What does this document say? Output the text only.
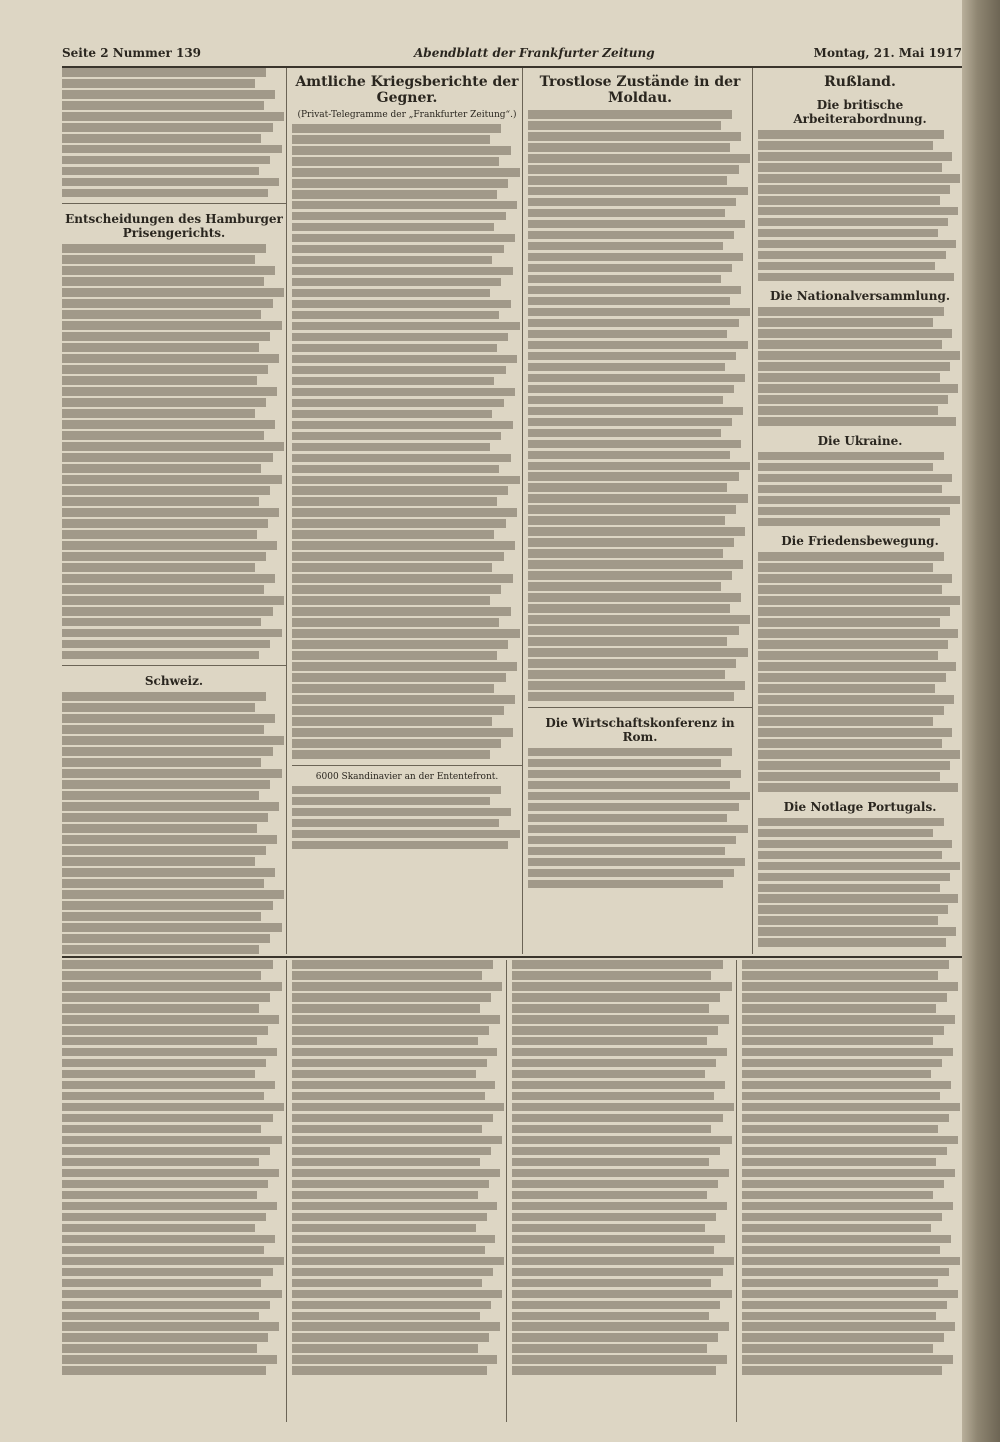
Seite 2 Nummer 139	Abendblatt der Frankfurter Zeitung	Montag, 21. Mai 1917
Entscheidungen des Hamburger Prisengerichts.
Schweiz.
Amtliche Kriegsberichte der Gegner.
(Privat-Telegramme der „Frankfurter Zeitung“.)
6000 Skandinavier an der Ententefront.
Trostlose Zustände in der Moldau.
Die Wirtschaftskonferenz in Rom.
Rußland.
Die britische Arbeiterabordnung.
Die Nationalversammlung.
Die Ukraine.
Die Friedensbewegung.
Die Notlage Portugals.
